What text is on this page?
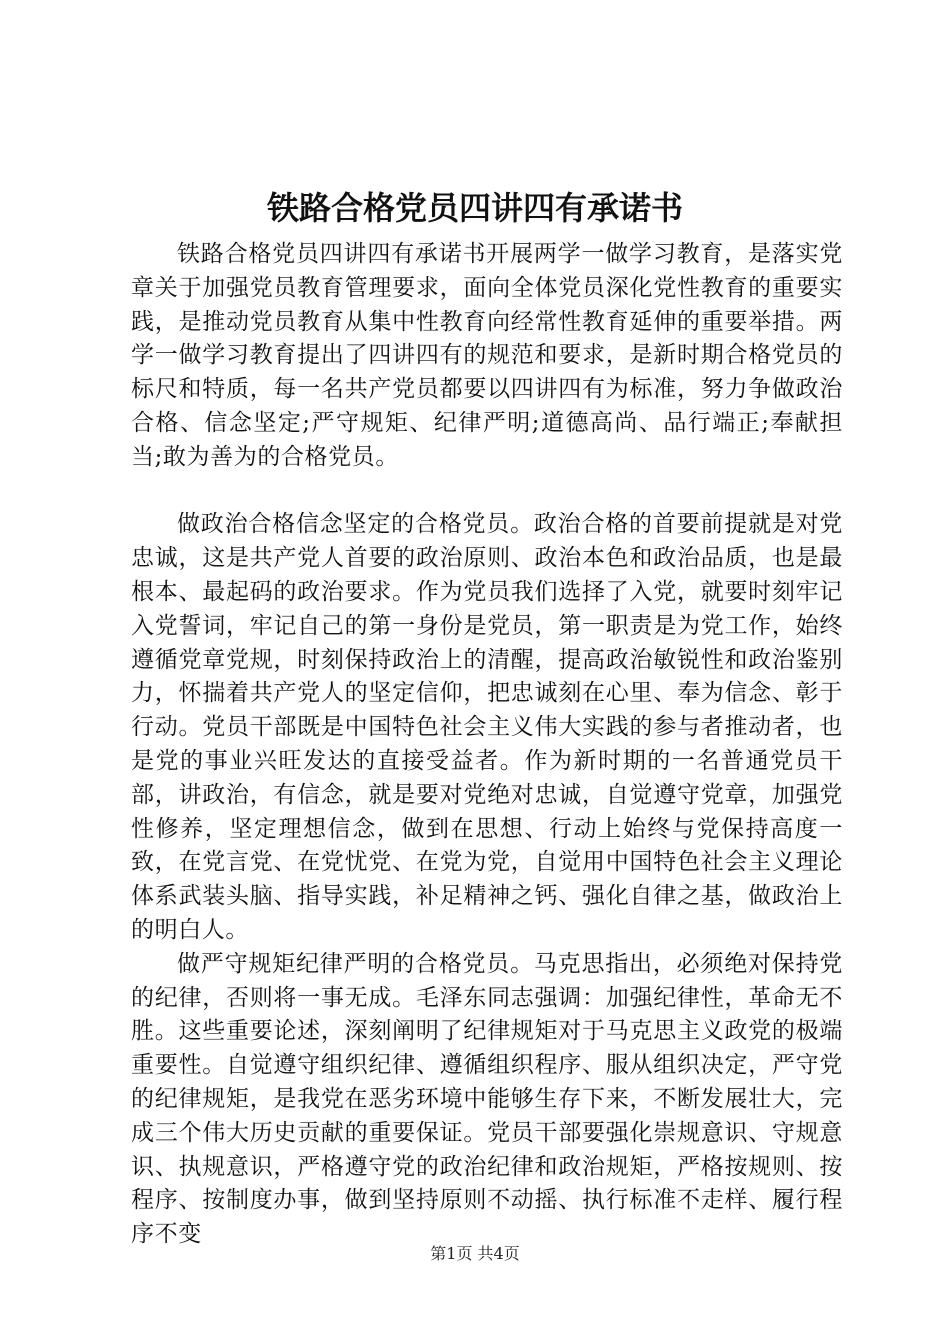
铁路合格党员四讲四有承诺书

铁路合格党员四讲四有承诺书开展两学一做学习教育，是落实党章关于加强党员教育管理要求，面向全体党员深化党性教育的重要实践，是推动党员教育从集中性教育向经常性教育延伸的重要举措。两学一做学习教育提出了四讲四有的规范和要求，是新时期合格党员的标尺和特质，每一名共产党员都要以四讲四有为标准，努力争做政治合格、信念坚定;严守规矩、纪律严明;道德高尚、品行端正;奉献担当;敢为善为的合格党员。

做政治合格信念坚定的合格党员。政治合格的首要前提就是对党忠诚，这是共产党人首要的政治原则、政治本色和政治品质，也是最根本、最起码的政治要求。作为党员我们选择了入党，就要时刻牢记入党誓词，牢记自己的第一身份是党员，第一职责是为党工作，始终遵循党章党规，时刻保持政治上的清醒，提高政治敏锐性和政治鉴别力，怀揣着共产党人的坚定信仰，把忠诚刻在心里、奉为信念、彰于行动。党员干部既是中国特色社会主义伟大实践的参与者推动者，也是党的事业兴旺发达的直接受益者。作为新时期的一名普通党员干部，讲政治，有信念，就是要对党绝对忠诚，自觉遵守党章，加强党性修养，坚定理想信念，做到在思想、行动上始终与党保持高度一致，在党言党、在党忧党、在党为党，自觉用中国特色社会主义理论体系武装头脑、指导实践，补足精神之钙、强化自律之基，做政治上的明白人。

做严守规矩纪律严明的合格党员。马克思指出，必须绝对保持党的纪律，否则将一事无成。毛泽东同志强调：加强纪律性，革命无不胜。这些重要论述，深刻阐明了纪律规矩对于马克思主义政党的极端重要性。自觉遵守组织纪律、遵循组织程序、服从组织决定，严守党的纪律规矩，是我党在恶劣环境中能够生存下来，不断发展壮大，完成三个伟大历史贡献的重要保证。党员干部要强化崇规意识、守规意识、执规意识，严格遵守党的政治纪律和政治规矩，严格按规则、按程序、按制度办事，做到坚持原则不动摇、执行标准不走样、履行程序不变

第1页 共4页
